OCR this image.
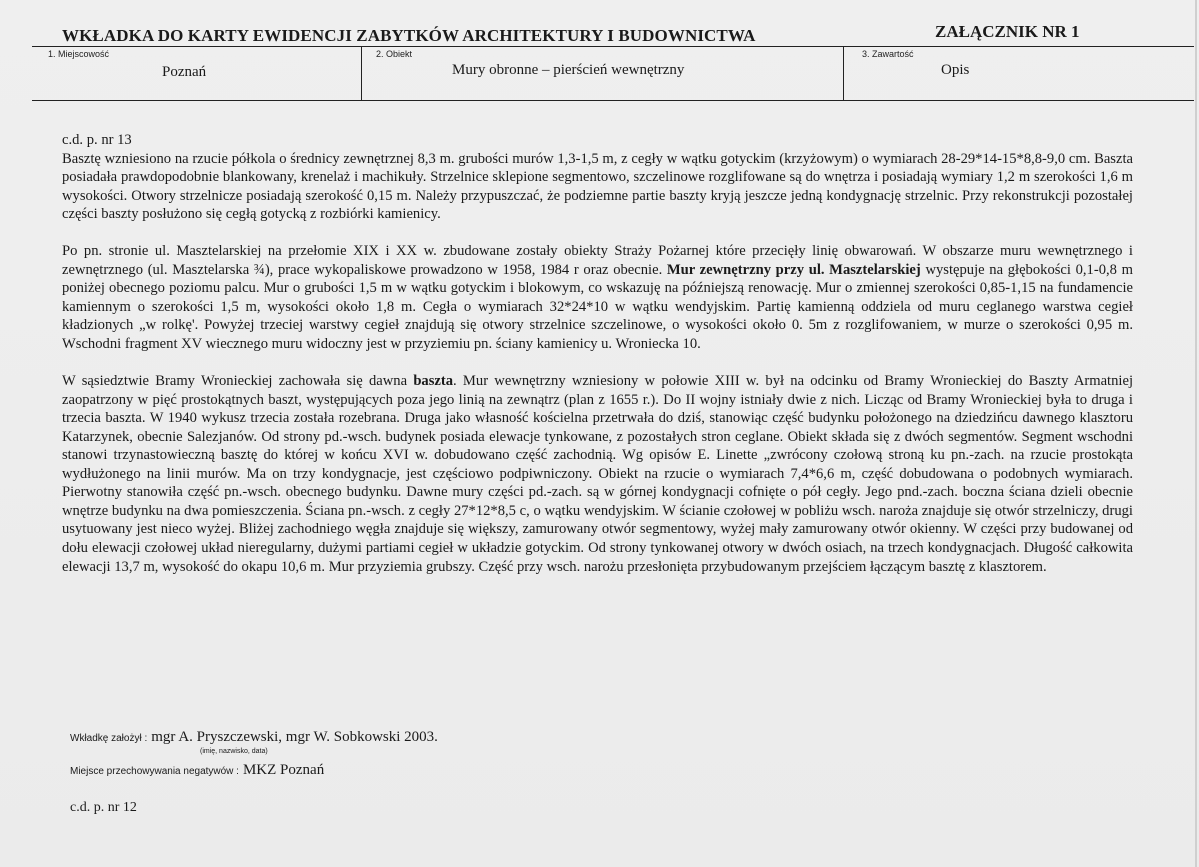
WKŁADKA DO KARTY EWIDENCJI ZABYTKÓW ARCHITEKTURY I BUDOWNICTWA	ZAŁĄCZNIK NR 1
1. Miejscowość
Poznań
2. Obiekt
Mury obronne – pierścień wewnętrzny
3. Zawartość
Opis

c.d. p. nr 13

Basztę wzniesiono na rzucie półkola o średnicy zewnętrznej 8,3 m. grubości murów 1,3-1,5 m, z cegły w wątku gotyckim (krzyżowym) o wymiarach 28-29*14-15*8,8-9,0 cm. Baszta posiadała prawdopodobnie blankowany, krenelaż i machikuły. Strzelnice sklepione segmentowo, szczelinowe rozglifowane są do wnętrza i posiadają wymiary 1,2 m szerokości 1,6 m wysokości. Otwory strzelnicze posiadają szerokość 0,15 m. Należy przypuszczać, że podziemne partie baszty kryją jeszcze jedną kondygnację strzelnic. Przy rekonstrukcji pozostałej części baszty posłużono się cegłą gotycką z rozbiórki kamienicy.

Po pn. stronie ul. Masztelarskiej na przełomie XIX i XX w. zbudowane zostały obiekty Straży Pożarnej które przecięły linię obwarowań. W obszarze muru wewnętrznego i zewnętrznego (ul. Masztelarska ¾), prace wykopaliskowe prowadzono w 1958, 1984 r oraz obecnie. Mur zewnętrzny przy ul. Masztelarskiej występuje na głębokości 0,1-0,8 m poniżej obecnego poziomu palcu. Mur o grubości 1,5 m w wątku gotyckim i blokowym, co wskazuję na późniejszą renowację. Mur o zmiennej szerokości 0,85-1,15 na fundamencie kamiennym o szerokości 1,5 m, wysokości około 1,8 m. Cegła o wymiarach 32*24*10 w wątku wendyjskim. Partię kamienną oddziela od muru ceglanego warstwa cegieł kładzionych „w rolkę'. Powyżej trzeciej warstwy cegieł znajdują się otwory strzelnice szczelinowe, o wysokości około 0. 5m z rozglifowaniem, w murze o szerokości 0,95 m. Wschodni fragment XV wiecznego muru widoczny jest w przyziemiu pn. ściany kamienicy u. Wroniecka 10.

W sąsiedztwie Bramy Wronieckiej zachowała się dawna baszta. Mur wewnętrzny wzniesiony w połowie XIII w. był na odcinku od Bramy Wronieckiej do Baszty Armatniej zaopatrzony w pięć prostokątnych baszt, występujących poza jego linią na zewnątrz (plan z 1655 r.). Do II wojny istniały dwie z nich. Licząc od Bramy Wronieckiej była to druga i trzecia baszta. W 1940 wykusz trzecia została rozebrana. Druga jako własność kościelna przetrwała do dziś, stanowiąc część budynku położonego na dziedzińcu dawnego klasztoru Katarzynek, obecnie Salezjanów. Od strony pd.-wsch. budynek posiada elewacje tynkowane, z pozostałych stron ceglane. Obiekt składa się z dwóch segmentów. Segment wschodni stanowi trzynastowieczną basztę do której w końcu XVI w. dobudowano część zachodnią. Wg opisów E. Linette „zwrócony czołową stroną ku pn.-zach. na rzucie prostokąta wydłużonego na linii murów. Ma on trzy kondygnacje, jest częściowo podpiwniczony. Obiekt na rzucie o wymiarach 7,4*6,6 m, część dobudowana o podobnych wymiarach. Pierwotny stanowiła część pn.-wsch. obecnego budynku. Dawne mury części pd.-zach. są w górnej kondygnacji cofnięte o pół cegły. Jego pnd.-zach. boczna ściana dzieli obecnie wnętrze budynku na dwa pomieszczenia. Ściana pn.-wsch. z cegły 27*12*8,5 c, o wątku wendyjskim. W ścianie czołowej w pobliżu wsch. naroża znajduje się otwór strzelniczy, drugi usytuowany jest nieco wyżej. Bliżej zachodniego węgła znajduje się większy, zamurowany otwór segmentowy, wyżej mały zamurowany otwór okienny. W części przy budowanej od dołu elewacji czołowej układ nieregularny, dużymi partiami cegieł w układzie gotyckim. Od strony tynkowanej otwory w dwóch osiach, na trzech kondygnacjach. Długość całkowita elewacji 13,7 m, wysokość do okapu 10,6 m. Mur przyziemia grubszy. Część przy wsch. narożu przesłonięta przybudowanym przejściem łączącym basztę z klasztorem.

Wkładkę założył : mgr A. Pryszczewski, mgr W. Sobkowski 2003.
(imię, nazwisko, data)
Miejsce przechowywania negatywów : MKZ Poznań
c.d. p. nr 12
